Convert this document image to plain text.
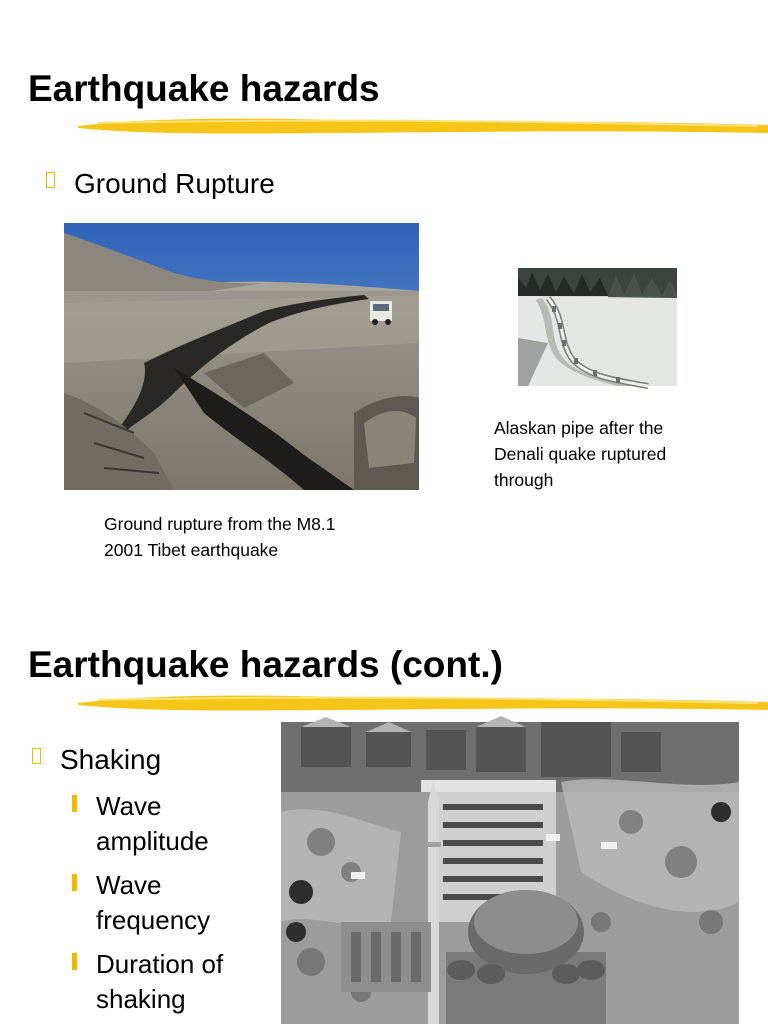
Earthquake hazards
Ground Rupture
Ground rupture from the M8.1
2001 Tibet earthquake
Alaskan pipe after the
Denali quake ruptured
through
Earthquake hazards (cont.)
Shaking
Wave
amplitude
Wave
frequency
Duration of
shaking
